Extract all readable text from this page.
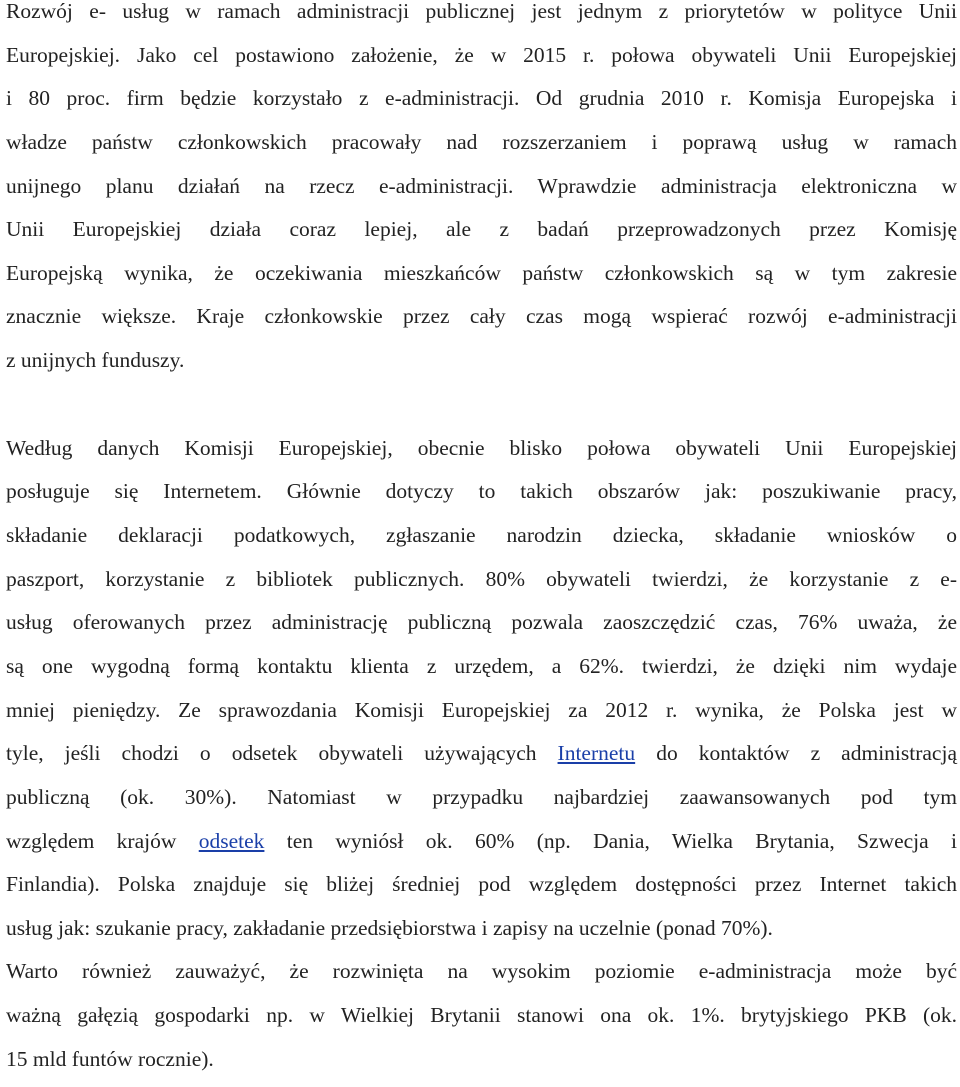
Rozwój e- usług w ramach administracji publicznej jest jednym z priorytetów w polityce Unii
Europejskiej. Jako cel postawiono założenie, że w 2015 r. połowa obywateli Unii Europejskiej
i 80 proc. firm będzie korzystało z e-administracji. Od grudnia 2010 r. Komisja Europejska i
władze państw członkowskich pracowały nad rozszerzaniem i poprawą usług w ramach
unijnego planu działań na rzecz e-administracji. Wprawdzie administracja elektroniczna w
Unii Europejskiej działa coraz lepiej, ale z badań przeprowadzonych przez Komisję
Europejską wynika, że oczekiwania mieszkańców państw członkowskich są w tym zakresie
znacznie większe. Kraje członkowskie przez cały czas mogą wspierać rozwój e-administracji
z unijnych funduszy.
Według danych Komisji Europejskiej, obecnie blisko połowa obywateli Unii Europejskiej
posługuje się Internetem. Głównie dotyczy to takich obszarów jak: poszukiwanie pracy,
składanie deklaracji podatkowych, zgłaszanie narodzin dziecka, składanie wniosków o
paszport, korzystanie z bibliotek publicznych. 80% obywateli twierdzi, że korzystanie z e-
usług oferowanych przez administrację publiczną pozwala zaoszczędzić czas, 76% uważa, że
są one wygodną formą kontaktu klienta z urzędem, a 62%. twierdzi, że dzięki nim wydaje
mniej pieniędzy. Ze sprawozdania Komisji Europejskiej za 2012 r. wynika, że Polska jest w
tyle, jeśli chodzi o odsetek obywateli używających Internetu do kontaktów z administracją
publiczną (ok. 30%). Natomiast w przypadku najbardziej zaawansowanych pod tym
względem krajów odsetek ten wyniósł ok. 60% (np. Dania, Wielka Brytania, Szwecja i
Finlandia). Polska znajduje się bliżej średniej pod względem dostępności przez Internet takich
usług jak: szukanie pracy, zakładanie przedsiębiorstwa i zapisy na uczelnie (ponad 70%).
Warto również zauważyć, że rozwinięta na wysokim poziomie e-administracja może być
ważną gałęzią gospodarki np. w Wielkiej Brytanii stanowi ona ok. 1%. brytyjskiego PKB (ok.
15 mld funtów rocznie).
